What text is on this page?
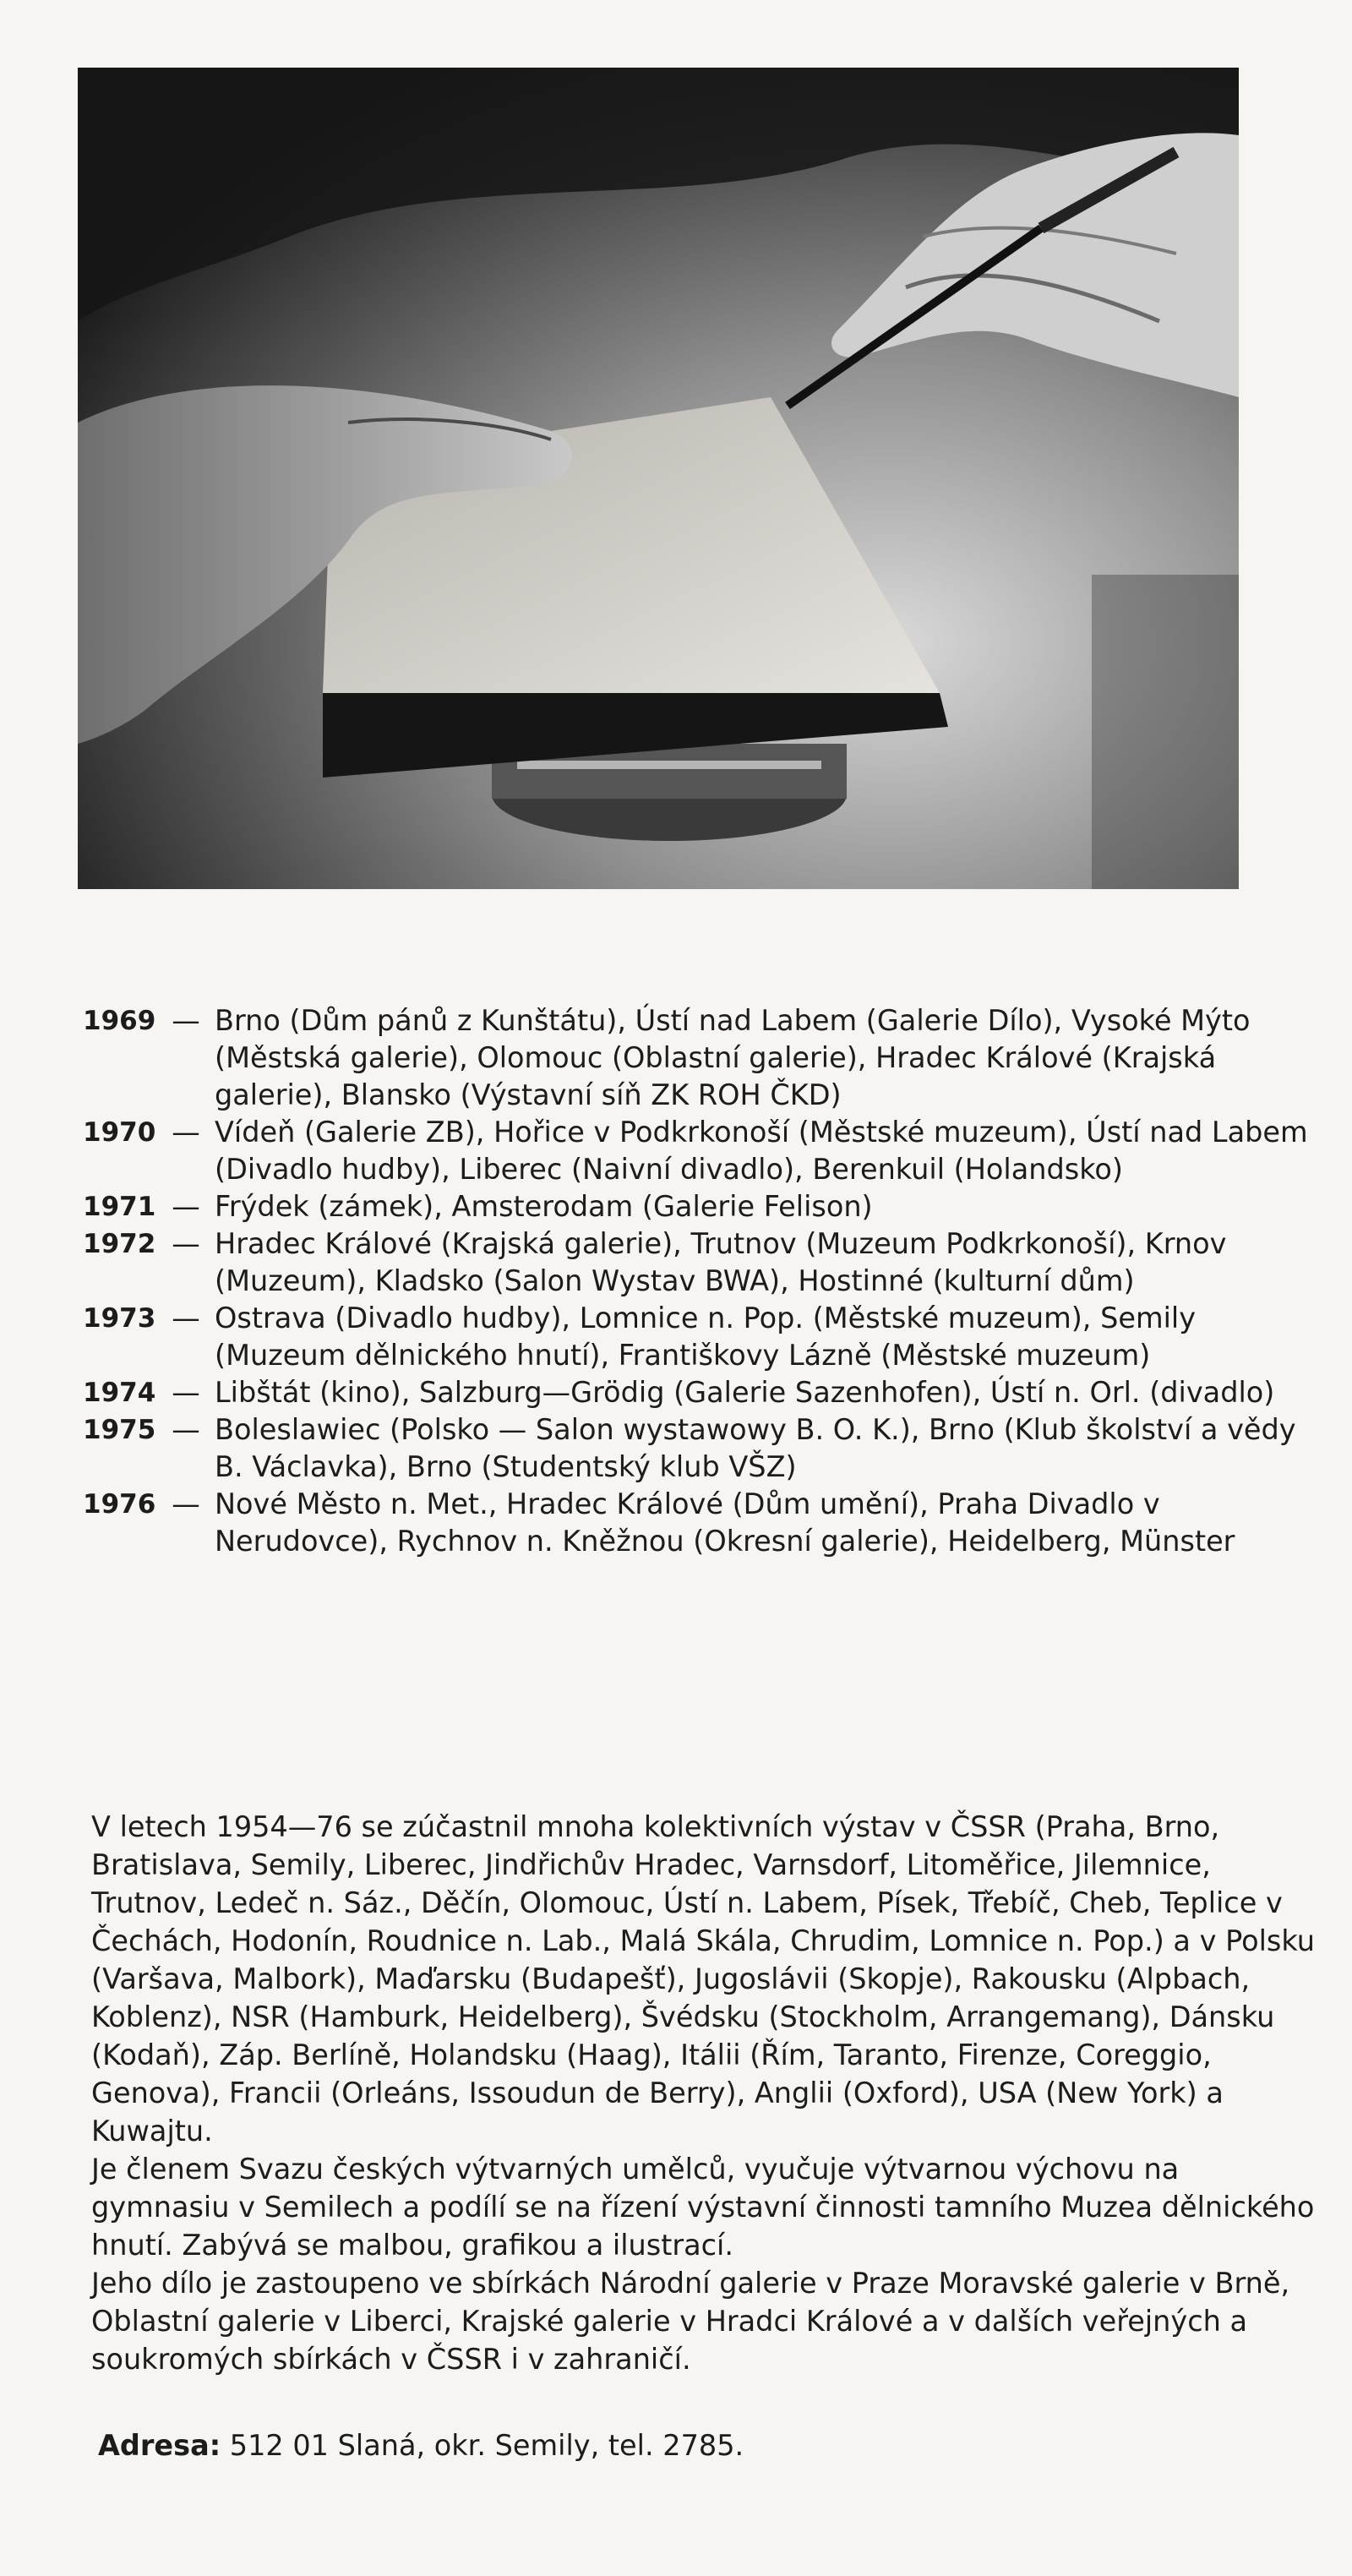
1969 — Brno (Dům pánů z Kunštátu), Ústí nad Labem (Galerie Dílo), Vysoké Mýto (Městská galerie), Olomouc (Oblastní galerie), Hradec Králové (Krajská galerie), Blansko (Výstavní síň ZK ROH ČKD)
1970 — Vídeň (Galerie ZB), Hořice v Podkrkonoší (Městské muzeum), Ústí nad Labem (Divadlo hudby), Liberec (Naivní divadlo), Berenkuil (Holandsko)
1971 — Frýdek (zámek), Amsterodam (Galerie Felison)
1972 — Hradec Králové (Krajská galerie), Trutnov (Muzeum Podkrkonoší), Krnov (Muzeum), Kladsko (Salon Wystav BWA), Hostinné (kulturní dům)
1973 — Ostrava (Divadlo hudby), Lomnice n. Pop. (Městské muzeum), Semily (Muzeum dělnického hnutí), Františkovy Lázně (Městské muzeum)
1974 — Libštát (kino), Salzburg—Grödig (Galerie Sazenhofen), Ústí n. Orl. (divadlo)
1975 — Boleslawiec (Polsko — Salon wystawowy B. O. K.), Brno (Klub školství a vědy B. Václavka), Brno (Studentský klub VŠZ)
1976 — Nové Město n. Met., Hradec Králové (Dům umění), Praha Divadlo v Nerudovce), Rychnov n. Kněžnou (Okresní galerie), Heidelberg, Münster

V letech 1954—76 se zúčastnil mnoha kolektivních výstav v ČSSR (Praha, Brno, Bratislava, Semily, Liberec, Jindřichův Hradec, Varnsdorf, Litoměřice, Jilemnice, Trutnov, Ledeč n. Sáz., Děčín, Olomouc, Ústí n. Labem, Písek, Třebíč, Cheb, Teplice v Čechách, Hodonín, Roudnice n. Lab., Malá Skála, Chrudim, Lomnice n. Pop.) a v Polsku (Varšava, Malbork), Maďarsku (Budapešť), Jugoslávii (Skopje), Rakousku (Alpbach, Koblenz), NSR (Hamburk, Heidelberg), Švédsku (Stockholm, Arrangemang), Dánsku (Kodaň), Záp. Berlíně, Holandsku (Haag), Itálii (Řím, Taranto, Firenze, Coreggio, Genova), Francii (Orleáns, Issoudun de Berry), Anglii (Oxford), USA (New York) a Kuwajtu.

Je členem Svazu českých výtvarných umělců, vyučuje výtvarnou výchovu na gymnasiu v Semilech a podílí se na řízení výstavní činnosti tamního Muzea dělnického hnutí. Zabývá se malbou, grafikou a ilustrací.

Jeho dílo je zastoupeno ve sbírkách Národní galerie v Praze Moravské galerie v Brně, Oblastní galerie v Liberci, Krajské galerie v Hradci Králové a v dalších veřejných a soukromých sbírkách v ČSSR i v zahraničí.

Adresa: 512 01 Slaná, okr. Semily, tel. 2785.
